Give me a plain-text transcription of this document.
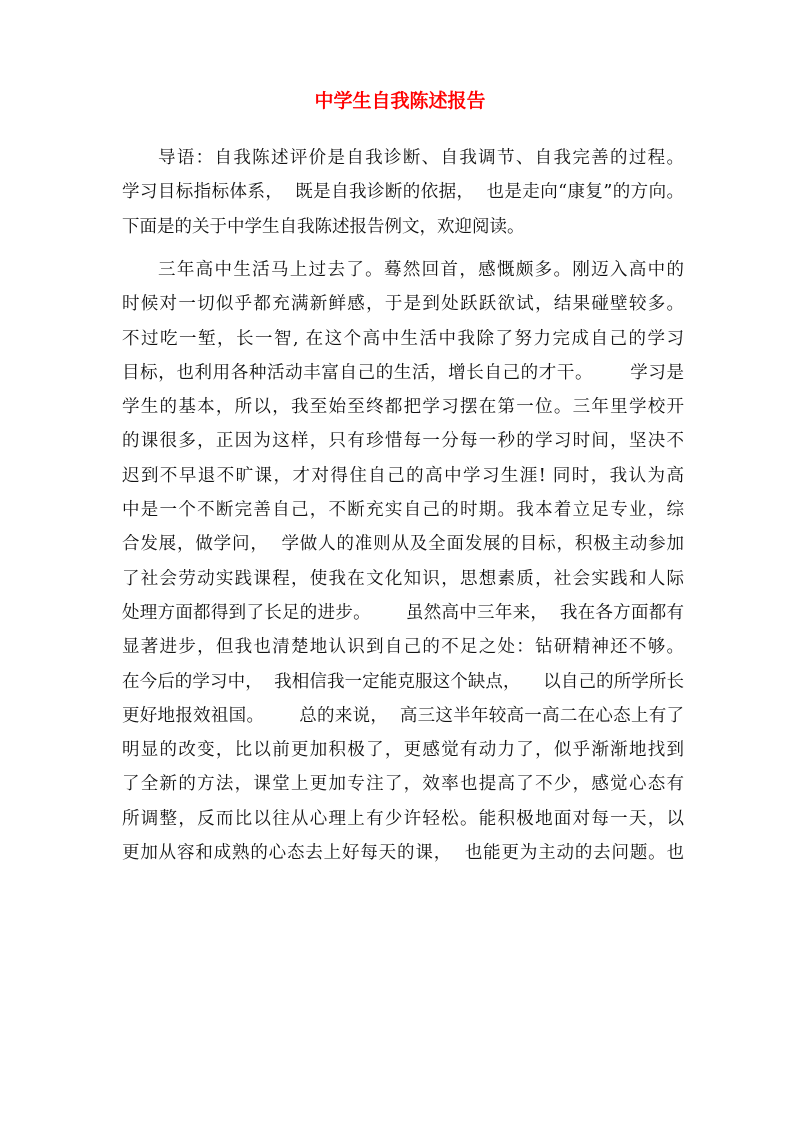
中学生自我陈述报告
导语：自我陈述评价是自我诊断、自我调节、自我完善的过程。
学习目标指标体系，  既是自我诊断的依据，  也是走向“康复”的方向。
下面是的关于中学生自我陈述报告例文，欢迎阅读。
三年高中生活马上过去了。蓦然回首，感慨颇多。刚迈入高中的
时候对一切似乎都充满新鲜感，于是到处跃跃欲试，结果碰壁较多。
不过吃一堑，长一智, 在这个高中生活中我除了努力完成自己的学习
目标，也利用各种活动丰富自己的生活，增长自己的才干。      学习是
学生的基本，所以，我至始至终都把学习摆在第一位。三年里学校开
的课很多，正因为这样，只有珍惜每一分每一秒的学习时间，坚决不
迟到不早退不旷课，才对得住自己的高中学习生涯! 同时，我认为高
中是一个不断完善自己，不断充实自己的时期。我本着立足专业，综
合发展，做学问，  学做人的准则从及全面发展的目标，积极主动参加
了社会劳动实践课程，使我在文化知识，思想素质，社会实践和人际
处理方面都得到了长足的进步。      虽然高中三年来，  我在各方面都有
显著进步，但我也清楚地认识到自己的不足之处：钻研精神还不够。
在今后的学习中，  我相信我一定能克服这个缺点，    以自己的所学所长
更好地报效祖国。      总的来说，  高三这半年较高一高二在心态上有了
明显的改变，比以前更加积极了，更感觉有动力了，似乎渐渐地找到
了全新的方法，课堂上更加专注了，效率也提高了不少，感觉心态有
所调整，反而比以往从心理上有少许轻松。能积极地面对每一天，以
更加从容和成熟的心态去上好每天的课，  也能更为主动的去问题。也
